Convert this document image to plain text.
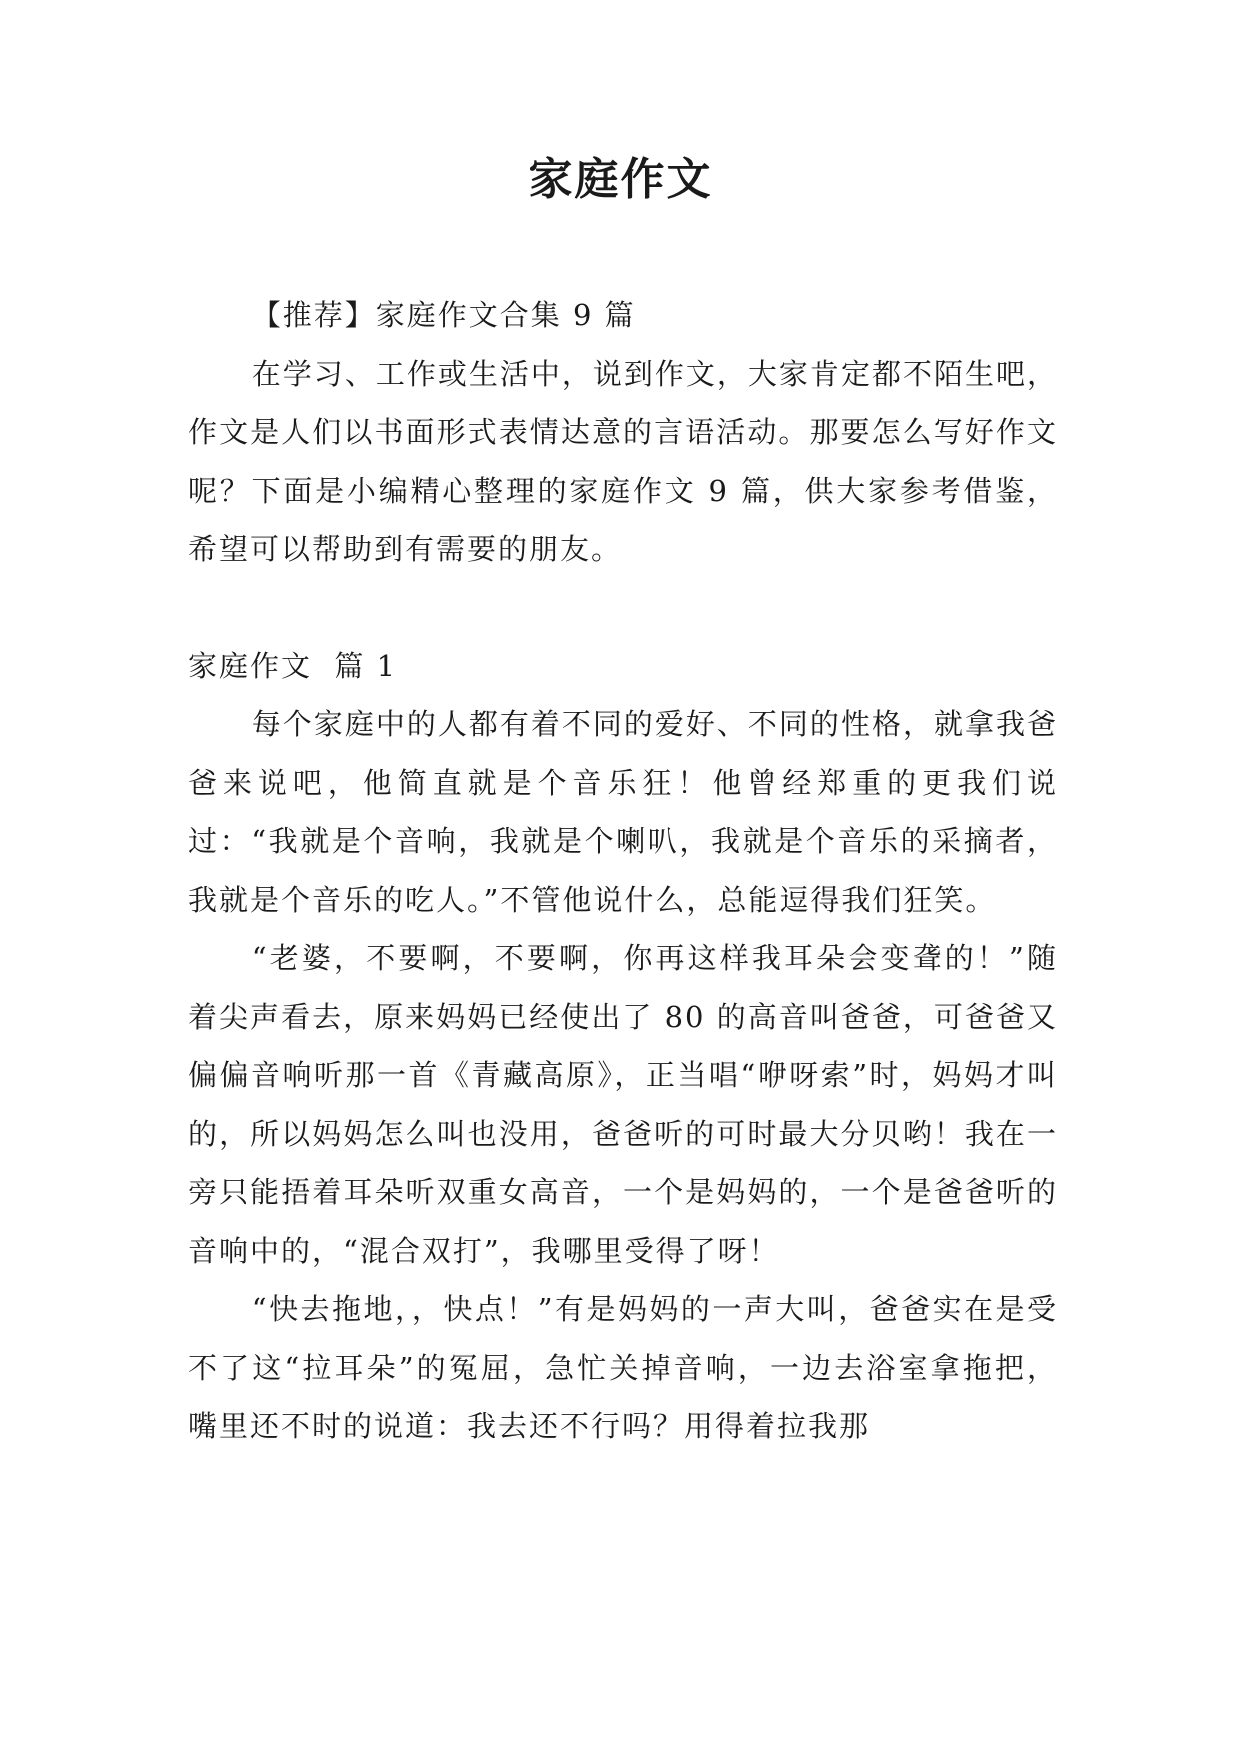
家庭作文

【推荐】家庭作文合集 9 篇

在学习、工作或生活中，说到作文，大家肯定都不陌生吧，作文是人们以书面形式表情达意的言语活动。那要怎么写好作文呢？下面是小编精心整理的家庭作文 9 篇，供大家参考借鉴，希望可以帮助到有需要的朋友。

家庭作文  篇 1

每个家庭中的人都有着不同的爱好、不同的性格，就拿我爸爸来说吧，他简直就是个音乐狂！他曾经郑重的更我们说过：“我就是个音响，我就是个喇叭，我就是个音乐的采摘者，我就是个音乐的吃人。”不管他说什么，总能逗得我们狂笑。

“老婆，不要啊，不要啊，你再这样我耳朵会变聋的！”随着尖声看去，原来妈妈已经使出了 80 的高音叫爸爸，可爸爸又偏偏音响听那一首《青藏高原》，正当唱“咿呀索”时，妈妈才叫的，所以妈妈怎么叫也没用，爸爸听的可时最大分贝哟！我在一旁只能捂着耳朵听双重女高音，一个是妈妈的，一个是爸爸听的音响中的，“混合双打”，我哪里受得了呀！

“快去拖地，，快点！”有是妈妈的一声大叫，爸爸实在是受不了这“拉耳朵”的冤屈，急忙关掉音响，一边去浴室拿拖把，嘴里还不时的说道：我去还不行吗？用得着拉我那
